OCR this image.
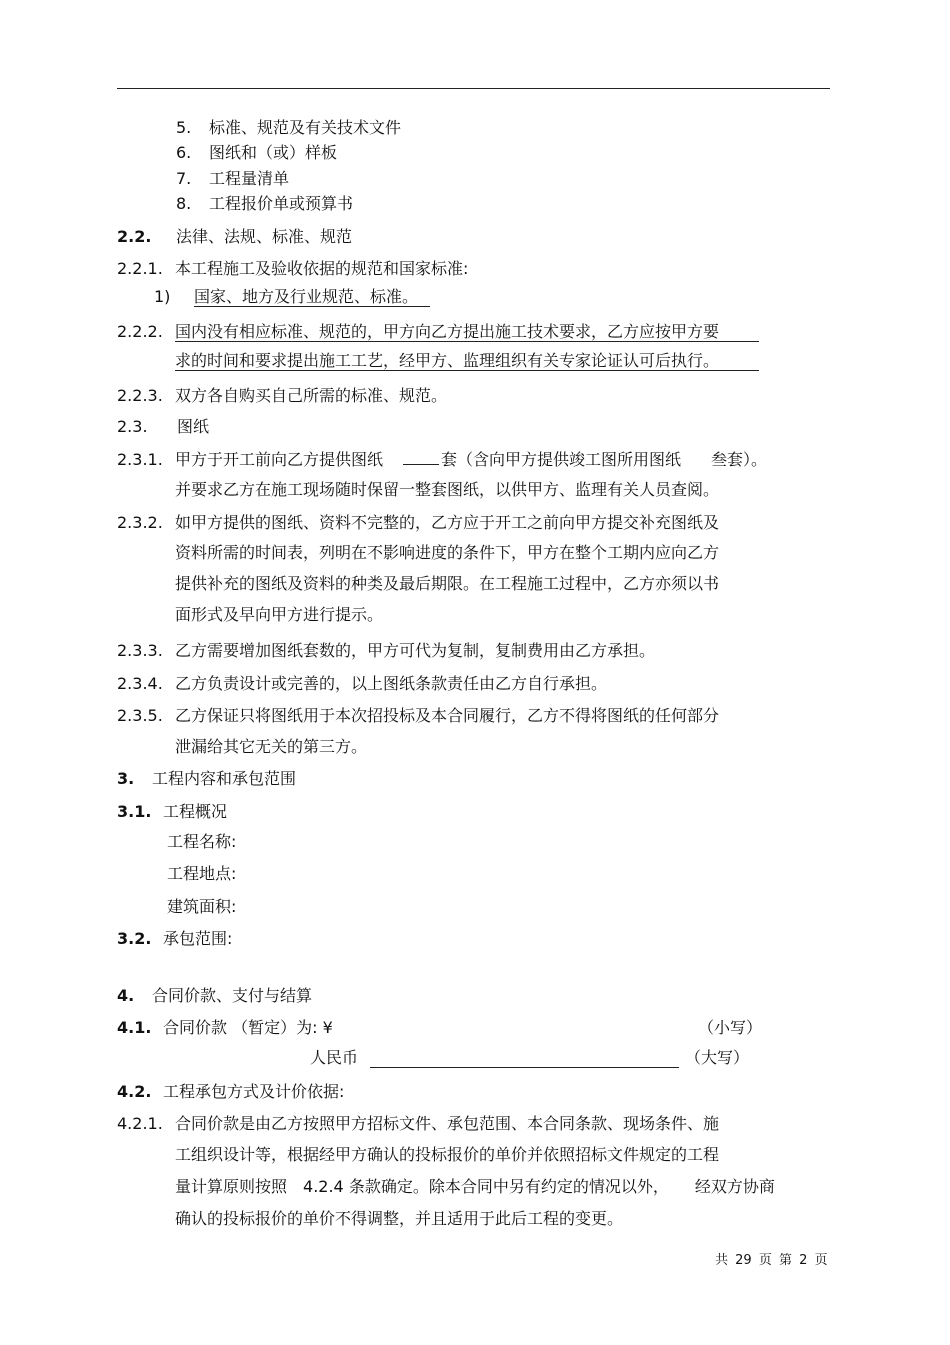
5. 标准、规范及有关技术文件
6. 图纸和（或）样板
7. 工程量清单
8. 工程报价单或预算书
2.2. 法律、法规、标准、规范
2.2.1. 本工程施工及验收依据的规范和国家标准:
1) 国家、地方及行业规范、标准。
2.2.2. 国内没有相应标准、规范的，甲方向乙方提出施工技术要求，乙方应按甲方要
求的时间和要求提出施工工艺，经甲方、监理组织有关专家论证认可后执行。
2.2.3. 双方各自购买自己所需的标准、规范。
2.3. 图纸
2.3.1. 甲方于开工前向乙方提供图纸	套（含向甲方提供竣工图所用图纸 叁套）。
并要求乙方在施工现场随时保留一整套图纸，以供甲方、监理有关人员查阅。
2.3.2. 如甲方提供的图纸、资料不完整的，乙方应于开工之前向甲方提交补充图纸及
资料所需的时间表，列明在不影响进度的条件下，甲方在整个工期内应向乙方
提供补充的图纸及资料的种类及最后期限。在工程施工过程中，乙方亦须以书
面形式及早向甲方进行提示。
2.3.3. 乙方需要增加图纸套数的，甲方可代为复制，复制费用由乙方承担。
2.3.4. 乙方负责设计或完善的，以上图纸条款责任由乙方自行承担。
2.3.5. 乙方保证只将图纸用于本次招投标及本合同履行，乙方不得将图纸的任何部分
泄漏给其它无关的第三方。
3. 工程内容和承包范围
3.1. 工程概况
工程名称:
工程地点:
建筑面积:
3.2. 承包范围:
4. 合同价款、支付与结算
4.1. 合同价款 （暂定）为: ¥	（小写）
人民币	（大写）
4.2. 工程承包方式及计价依据:
4.2.1. 合同价款是由乙方按照甲方招标文件、承包范围、本合同条款、现场条件、施
工组织设计等，根据经甲方确认的投标报价的单价并依照招标文件规定的工程
量计算原则按照 4.2.4 条款确定。除本合同中另有约定的情况以外， 经双方协商
确认的投标报价的单价不得调整，并且适用于此后工程的变更。
共 29 页 第 2 页
